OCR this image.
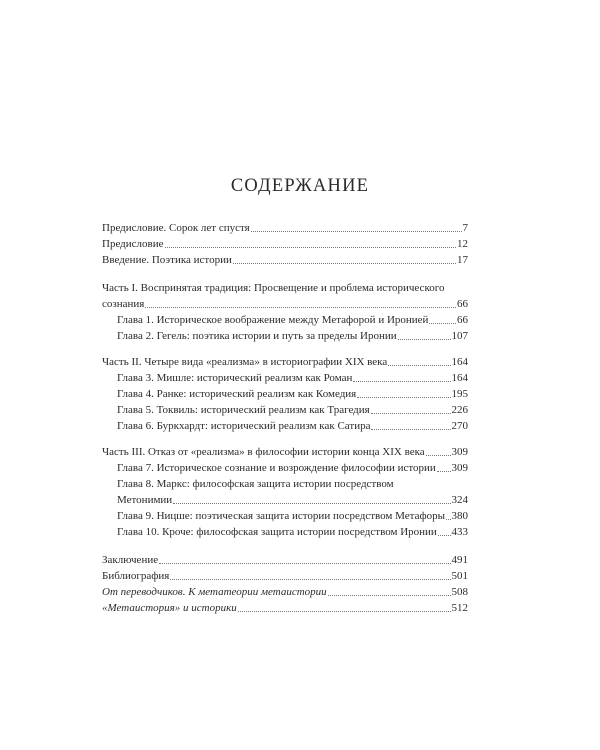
СОДЕРЖАНИЕ
Предисловие. Сорок лет спустя	7
Предисловие	12
Введение. Поэтика истории	17
Часть I. Воспринятая традиция: Просвещение и проблема исторического
сознания	66
Глава 1. Историческое воображение между Метафорой и Иронией	66
Глава 2. Гегель: поэтика истории и путь за пределы Иронии	107
Часть II. Четыре вида «реализма» в историографии XIX века	164
Глава 3. Мишле: исторический реализм как Роман	164
Глава 4. Ранке: исторический реализм как Комедия	195
Глава 5. Токвиль: исторический реализм как Трагедия	226
Глава 6. Буркхардт: исторический реализм как Сатира	270
Часть III. Отказ от «реализма» в философии истории конца XIX века 309
Глава 7. Историческое сознание и возрождение философии истории 309
Глава 8. Маркс: философская защита истории посредством
Метонимии	324
Глава 9. Ницше: поэтическая защита истории посредством Метафоры 380
Глава 10. Кроче: философская защита истории посредством Иронии 433
Заключение	491
Библиография	501
От переводчиков. К метатеории метаистории	508
«Метаистория» и историки	512
